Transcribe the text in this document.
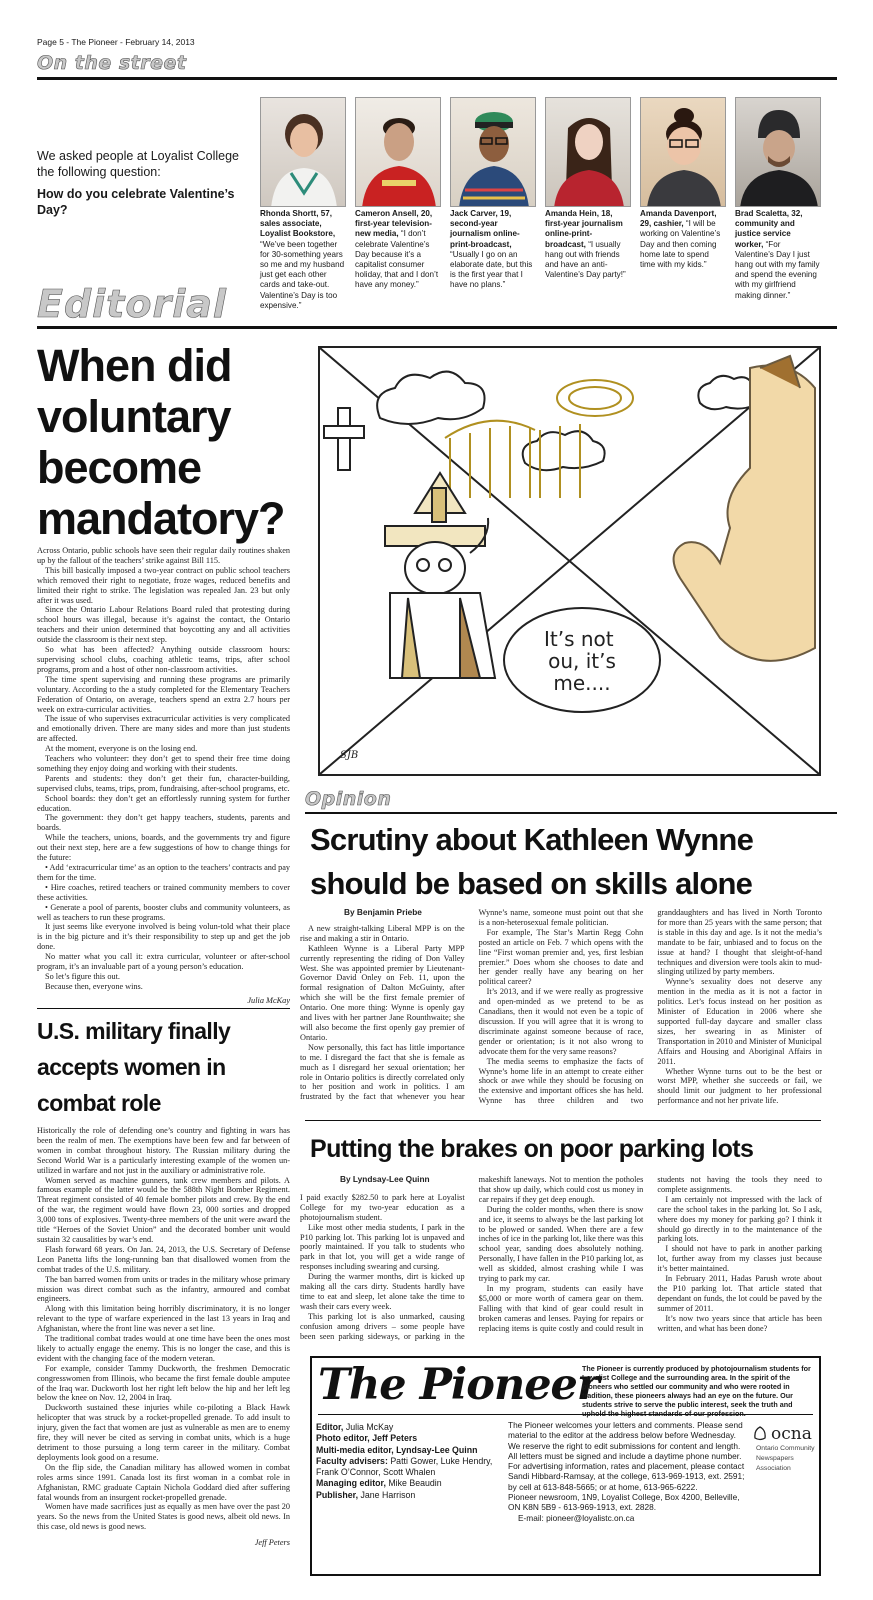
Page 5 - The Pioneer - February 14, 2013
On the street

We asked people at Loyalist College the following question:

How do you celebrate Valentine’s Day?	Rhonda Shortt, 57, sales associate, Loyalist Bookstore, “We’ve been together for 30-something years so me and my husband just get each other cards and take-out. Valentine’s Day is too expensive.”
Cameron Ansell, 20, first-year television-new media, “I don’t celebrate Valentine’s Day because it’s a capitalist consumer holiday, that and I don’t have any money.”
Jack Carver, 19, second-year journalism online-print-broadcast, “Usually I go on an elaborate date, but this is the first year that I have no plans.”
Amanda Hein, 18, first-year journalism online-print-broadcast, “I usually hang out with friends and have an anti-Valentine’s Day party!”
Amanda Davenport, 29, cashier, “I will be working on Valentine’s Day and then coming home late to spend time with my kids.”
Brad Scaletta, 32, community and justice service worker, “For Valentine’s Day I just hang out with my family and spend the evening with my girlfriend making dinner.”
Editorial
When did voluntary become mandatory?

Across Ontario, public schools have seen their regular daily routines shaken up by the fallout of the teachers’ strike against Bill 115.

This bill basically imposed a two-year contract on public school teachers which removed their right to negotiate, froze wages, reduced benefits and limited their right to strike. The legislation was repealed Jan. 23 but only after it was used.

Since the Ontario Labour Relations Board ruled that protesting during school hours was illegal, because it’s against the contact, the Ontario teachers and their union determined that boycotting any and all activities outside the classroom is their next step.

So what has been affected? Anything outside classroom hours: supervising school clubs, coaching athletic teams, trips, after school programs, prom and a host of other non-classroom activities.

The time spent supervising and running these programs are primarily voluntary. According to the a study completed for the Elementary Teachers Federation of Ontario, on average, teachers spend an extra 2.7 hours per week on extra-curricular activities.

The issue of who supervises extracurricular activities is very complicated and emotionally driven. There are many sides and more than just students are affected.

At the moment, everyone is on the losing end.

Teachers who volunteer: they don’t get to spend their free time doing something they enjoy doing and working with their students.

Parents and students: they don’t get their fun, character-building, supervised clubs, teams, trips, prom, fundraising, after-school programs, etc.

School boards: they don’t get an effortlessly running system for further education.

The government: they don’t get happy teachers, students, parents and boards.

While the teachers, unions, boards, and the governments try and figure out their next step, here are a few suggestions of how to change things for the future:

• Add ‘extracurricular time’ as an option to the teachers’ contracts and pay them for the time.

• Hire coaches, retired teachers or trained community members to cover these activities.

• Generate a pool of parents, booster clubs and community volunteers, as well as teachers to run these programs.

It just seems like everyone involved is being volun-told what their place is in the big picture and it’s their responsibility to step up and get the job done.

No matter what you call it: extra curricular, volunteer or after-school program, it’s an invaluable part of a young person’s education.

So let’s figure this out.

Because then, everyone wins.

Julia McKay
It’s not ou, it’s me....
SJB
Opinion
Scrutiny about Kathleen Wynne should be based on skills alone
By Benjamin Priebe

A new straight-talking Liberal MPP is on the rise and making a stir in Ontario.

Kathleen Wynne is a Liberal Party MPP currently representing the riding of Don Valley West. She was appointed premier by Lieutenant-Governor David Onley on Feb. 11, upon the formal resignation of Dalton McGuinty, after which she will be the first female premier of Ontario. One more thing: Wynne is openly gay and lives with her partner Jane Rounthwaite; she will also become the first openly gay premier of Ontario.

Now personally, this fact has little importance to me. I disregard the fact that she is female as much as I disregard her sexual orientation; her role in Ontario politics is directly correlated only to her position and work in politics. I am frustrated by the fact that whenever you hear Wynne’s name, someone must point out that she is a non-heterosexual female politician.

For example, The Star’s Martin Regg Cohn posted an article on Feb. 7 which opens with the line “First woman premier and, yes, first lesbian premier.” Does whom she chooses to date and her gender really have any bearing on her political career?

It’s 2013, and if we were really as progressive and open-minded as we pretend to be as Canadians, then it would not even be a topic of discussion. If you will agree that it is wrong to discriminate against someone because of race, gender or orientation; is it not also wrong to advocate them for the very same reasons?

The media seems to emphasize the facts of Wynne’s home life in an attempt to create either shock or awe while they should be focusing on the extensive and important offices she has held. Wynne has three children and two granddaughters and has lived in North Toronto for more than 25 years with the same person; that is stable in this day and age. Is it not the media’s mandate to be fair, unbiased and to focus on the issue at hand? I thought that sleight-of-hand techniques and diversion were tools akin to mud-slinging utilized by party members.

Wynne’s sexuality does not deserve any mention in the media as it is not a factor in politics. Let’s focus instead on her position as Minister of Education in 2006 where she supported full-day daycare and smaller class sizes, her swearing in as Minister of Transportation in 2010 and Minister of Municipal Affairs and Housing and Aboriginal Affairs in 2011.

Whether Wynne turns out to be the best or worst MPP, whether she succeeds or fail, we should limit our judgment to her professional performance and not her private life.

Putting the brakes on poor parking lots
By Lyndsay-Lee Quinn

I paid exactly $282.50 to park here at Loyalist College for my two-year education as a photojournalism student.

Like most other media students, I park in the P10 parking lot. This parking lot is unpaved and poorly maintained. If you talk to students who park in that lot, you will get a wide range of responses including swearing and cursing.

During the warmer months, dirt is kicked up making all the cars dirty. Students hardly have time to eat and sleep, let alone take the time to wash their cars every week.

This parking lot is also unmarked, causing confusion among drivers – some people have been seen parking sideways, or parking in the makeshift laneways. Not to mention the potholes that show up daily, which could cost us money in car repairs if they get deep enough.

During the colder months, when there is snow and ice, it seems to always be the last parking lot to be plowed or sanded. When there are a few inches of ice in the parking lot, like there was this school year, sanding does absolutely nothing. Personally, I have fallen in the P10 parking lot, as well as skidded, almost crashing while I was trying to park my car.

In my program, students can easily have $5,000 or more worth of camera gear on them. Falling with that kind of gear could result in broken cameras and lenses. Paying for repairs or replacing items is quite costly and could result in students not having the tools they need to complete assignments.

I am certainly not impressed with the lack of care the school takes in the parking lot. So I ask, where does my money for parking go? I think it should go directly in to the maintenance of the parking lots.

I should not have to park in another parking lot, further away from my classes just because it’s better maintained.

In February 2011, Hadas Parush wrote about the P10 parking lot. That article stated that dependant on funds, the lot could be paved by the summer of 2011.

It’s now two years since that article has been written, and what has been done?

U.S. military finally accepts women in combat role

Historically the role of defending one’s country and fighting in wars has been the realm of men. The exemptions have been few and far between of women in combat throughout history. The Russian military during the Second World War is a particularly interesting example of the women un-utilized in warfare and not just in the auxiliary or administrative role.

Women served as machine gunners, tank crew members and pilots. A famous example of the latter would be the 588th Night Bomber Regiment. Threat regiment consisted of 40 female bomber pilots and crew. By the end of the war, the regiment would have flown 23, 000 sorties and dropped 3,000 tons of explosives. Twenty-three members of the unit were award the title “Heroes of the Soviet Union” and the decorated bomber unit would sustain 32 causalities by war’s end.

Flash forward 68 years. On Jan. 24, 2013, the U.S. Secretary of Defense Leon Panetta lifts the long-running ban that disallowed women from the combat trades of the U.S. military.

The ban barred women from units or trades in the military whose primary mission was direct combat such as the infantry, armoured and combat engineers.

Along with this limitation being horribly discriminatory, it is no longer relevant to the type of warfare experienced in the last 13 years in Iraq and Afghanistan, where the front line was never a set line.

The traditional combat trades would at one time have been the ones most likely to actually engage the enemy. This is no longer the case, and this is evident with the changing face of the modern veteran.

For example, consider Tammy Duckworth, the freshmen Democratic congresswomen from Illinois, who became the first female double amputee of the Iraq war. Duckworth lost her right left below the hip and her left leg below the knee on Nov. 12, 2004 in Iraq.

Duckworth sustained these injuries while co-piloting a Black Hawk helicopter that was struck by a rocket-propelled grenade. To add insult to injury, given the fact that women are just as vulnerable as men are to enemy fire, they will never be cited as serving in combat units, which is a huge detriment to those pursuing a long term career in the military. Combat deployments look good on a resume.

On the flip side, the Canadian military has allowed women in combat roles arms since 1991. Canada lost its first woman in a combat role in Afghanistan, RMC graduate Captain Nichola Goddard died after suffering fatal wounds from an insurgent rocket-propelled grenade.

Women have made sacrifices just as equally as men have over the past 20 years. So the news from the United States is good news, albeit old news. In this case, old news is good news.

Jeff Peters
The Pioneer
The Pioneer is currently produced by photojournalism students for Loyalist College and the surrounding area. In the spirit of the pioneers who settled our community and who were rooted in tradition, these pioneers always had an eye on the future. Our students strive to serve the public interest, seek the truth and
Editor, Julia McKay
Photo editor, Jeff Peters
Multi-media editor, Lyndsay-Lee Quinn
Faculty advisers: Patti Gower, Luke Hendry, Frank O’Connor, Scott Whalen
Managing editor, Mike Beaudin
Publisher, Jane Harrison
The Pioneer welcomes your letters and comments. Please send material to the editor at the address below before Wednesday. We reserve the right to edit submissions for content and length. All letters must be signed and include a daytime phone number.
For advertising information, rates and placement, please contact Sandi Hibbard-Ramsay, at the college, 613-969-1913, ext. 2591; by cell at 613-848-5665; or at home, 613-965-6222.
Pioneer newsroom, 1N9, Loyalist College, Box 4200, Belleville, ON K8N 5B9 - 613-969-1913, ext. 2828.
E-mail: pioneer@loyalistc.on.ca
ocna
Ontario Community Newspapers Association
